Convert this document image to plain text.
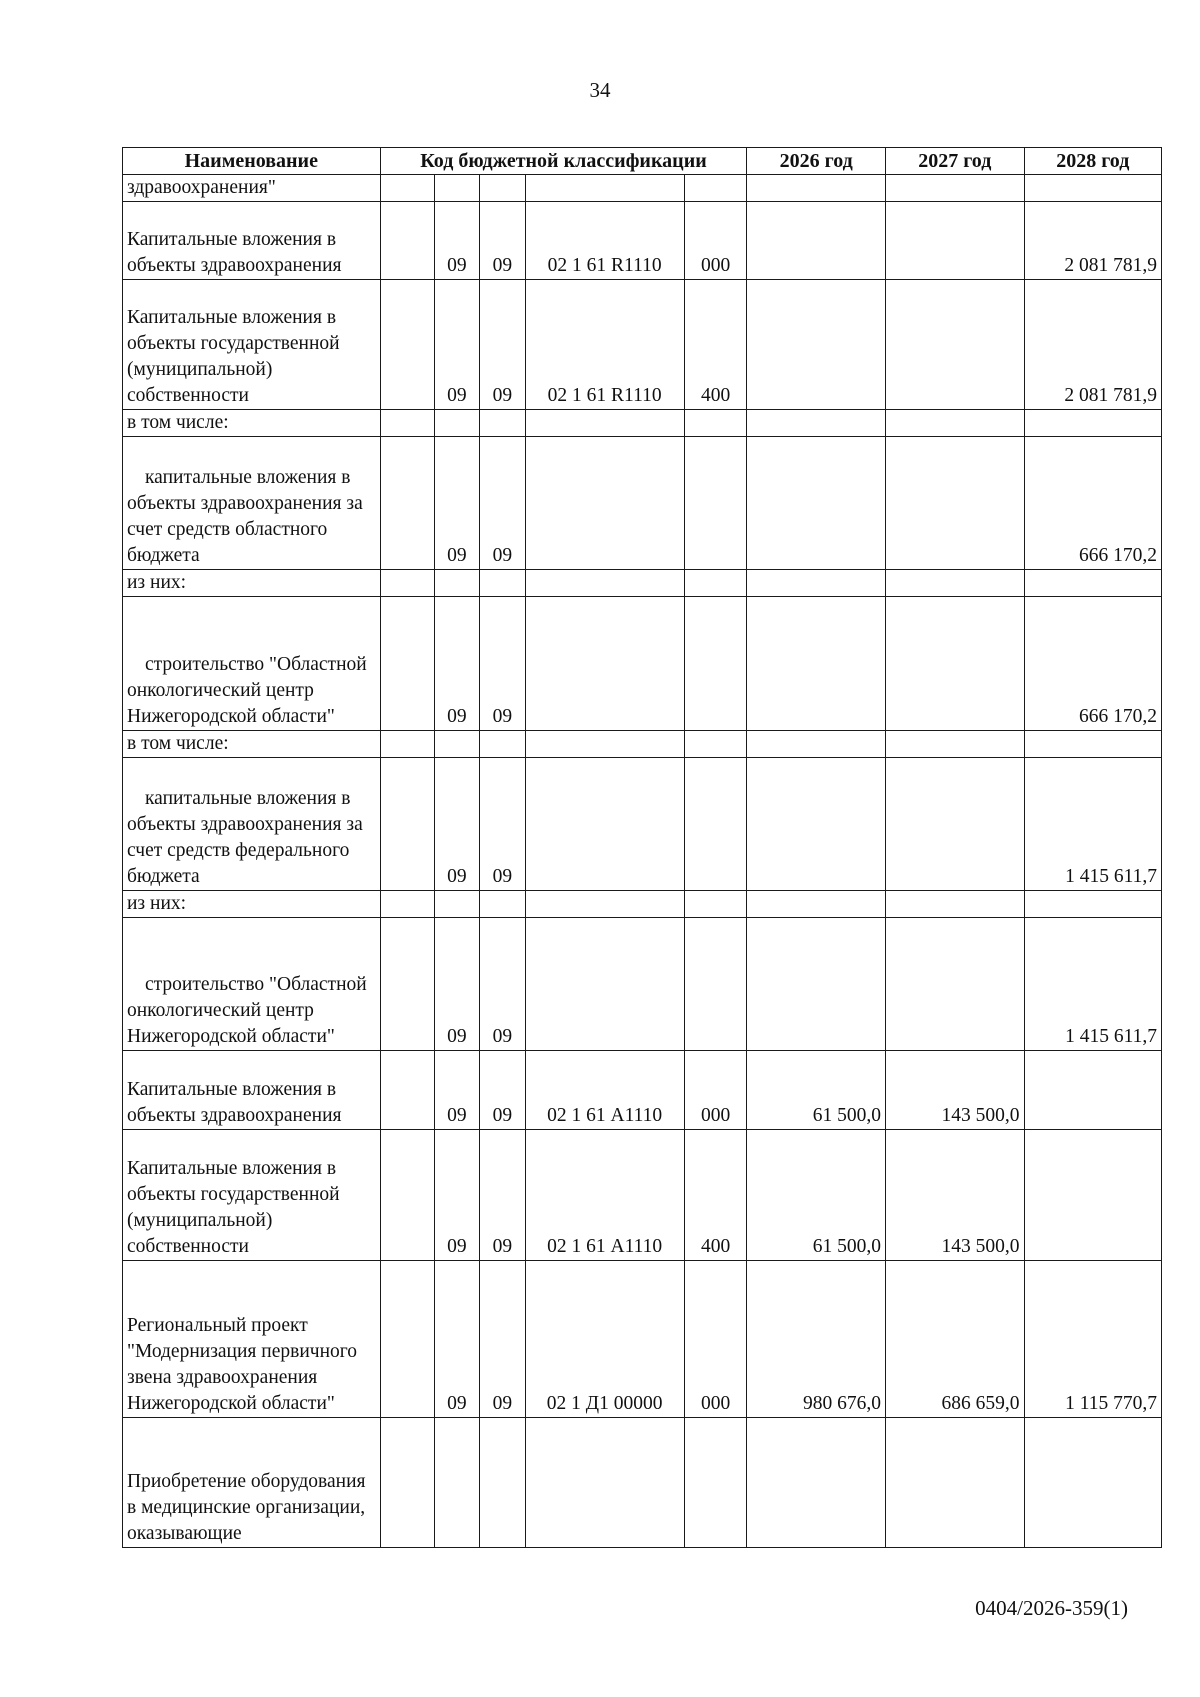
34
Наименование	Код бюджетной классификации					2026 год	2027 год	2028 год
здравоохранения"								
Капитальные вложения в объекты здравоохранения		09	09	02 1 61 R1110	000			2 081 781,9
Капитальные вложения в объекты государственной (муниципальной) собственности		09	09	02 1 61 R1110	400			2 081 781,9
в том числе:								
капитальные вложения в объекты здравоохранения за счет средств областного бюджета		09	09					666 170,2
из них:								
строительство "Областной онкологический центр Нижегородской области"		09	09					666 170,2
в том числе:								
капитальные вложения в объекты здравоохранения за счет средств федерального бюджета		09	09					1 415 611,7
из них:								
строительство "Областной онкологический центр Нижегородской области"		09	09					1 415 611,7
Капитальные вложения в объекты здравоохранения		09	09	02 1 61 А1110	000	61 500,0	143 500,0	
Капитальные вложения в объекты государственной (муниципальной) собственности		09	09	02 1 61 А1110	400	61 500,0	143 500,0	
Региональный проект "Модернизация первичного звена здравоохранения Нижегородской области"		09	09	02 1 Д1 00000	000	980 676,0	686 659,0	1 115 770,7
Приобретение оборудования в медицинские организации, оказывающие								
0404/2026-359(1)
